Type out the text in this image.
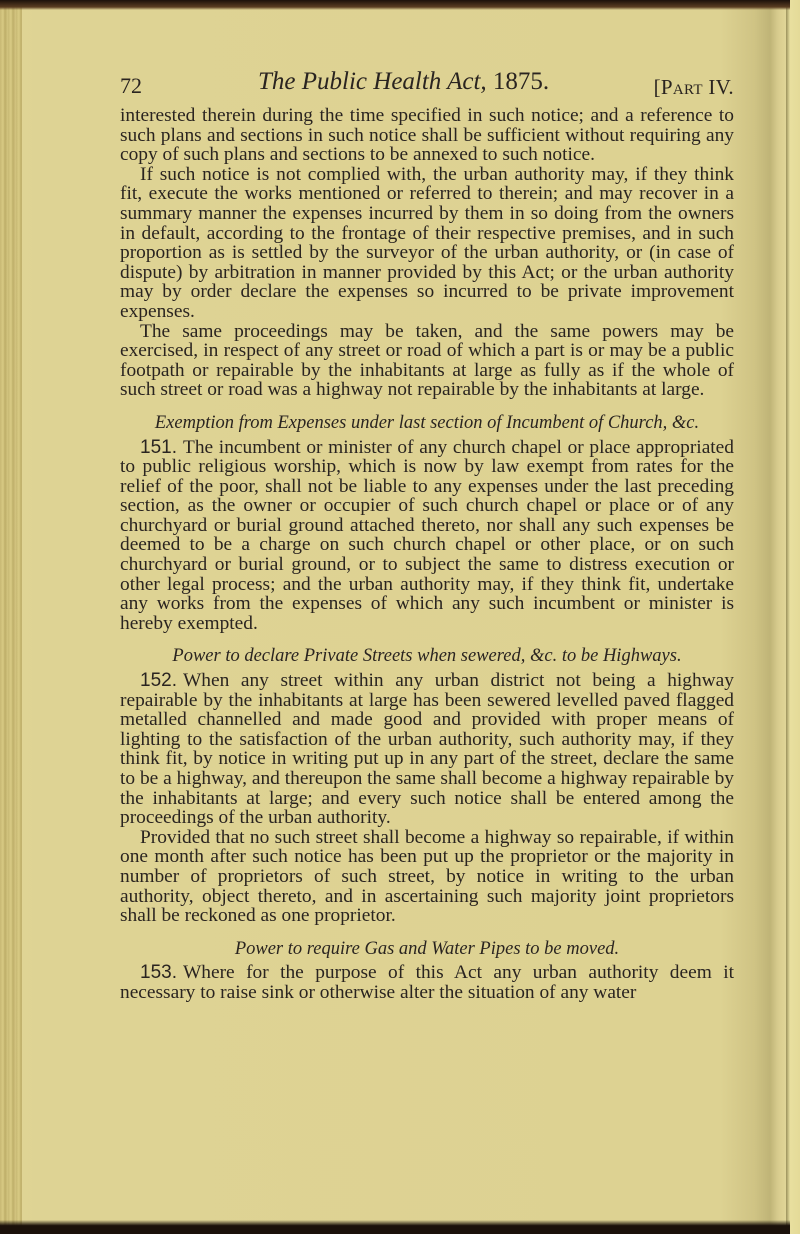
72	The Public Health Act, 1875.	[Part IV.

interested therein during the time specified in such notice; and a reference to such plans and sections in such notice shall be sufficient without requiring any copy of such plans and sections to be annexed to such notice.

If such notice is not complied with, the urban authority may, if they think fit, execute the works mentioned or referred to therein; and may recover in a summary manner the expenses incurred by them in so doing from the owners in default, according to the frontage of their respective premises, and in such proportion as is settled by the surveyor of the urban authority, or (in case of dispute) by arbitration in manner provided by this Act; or the urban authority may by order declare the expenses so incurred to be private improvement expenses.

The same proceedings may be taken, and the same powers may be exercised, in respect of any street or road of which a part is or may be a public footpath or repairable by the inhabitants at large as fully as if the whole of such street or road was a highway not repairable by the inhabitants at large.

Exemption from Expenses under last section of Incumbent of Church, &c.

151. The incumbent or minister of any church chapel or place appropriated to public religious worship, which is now by law exempt from rates for the relief of the poor, shall not be liable to any expenses under the last preceding section, as the owner or occupier of such church chapel or place or of any churchyard or burial ground attached thereto, nor shall any such expenses be deemed to be a charge on such church chapel or other place, or on such churchyard or burial ground, or to subject the same to distress execution or other legal process; and the urban authority may, if they think fit, undertake any works from the expenses of which any such incumbent or minister is hereby exempted.

Power to declare Private Streets when sewered, &c. to be Highways.

152. When any street within any urban district not being a highway repairable by the inhabitants at large has been sewered levelled paved flagged metalled channelled and made good and provided with proper means of lighting to the satisfaction of the urban authority, such authority may, if they think fit, by notice in writing put up in any part of the street, declare the same to be a highway, and thereupon the same shall become a highway repairable by the inhabitants at large; and every such notice shall be entered among the proceedings of the urban authority.

Provided that no such street shall become a highway so repairable, if within one month after such notice has been put up the proprietor or the majority in number of proprietors of such street, by notice in writing to the urban authority, object thereto, and in ascertaining such majority joint proprietors shall be reckoned as one proprietor.

Power to require Gas and Water Pipes to be moved.

153. Where for the purpose of this Act any urban authority deem it necessary to raise sink or otherwise alter the situation of any water
